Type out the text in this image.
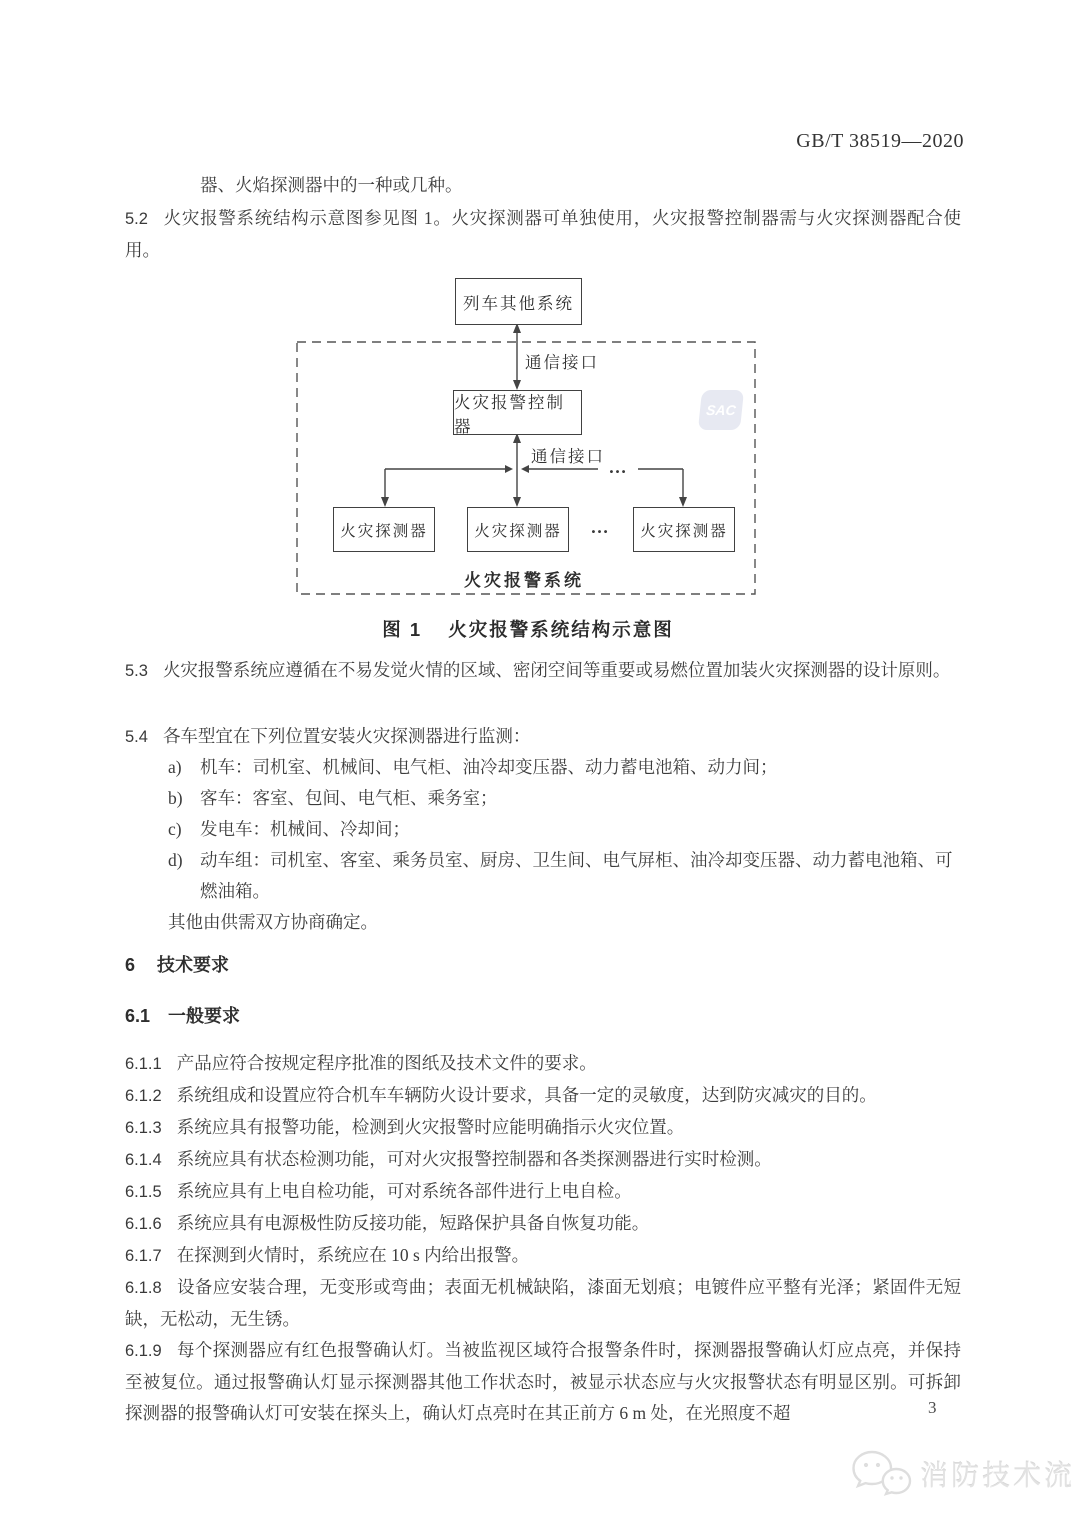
GB/T 38519—2020

器、火焰探测器中的一种或几种。

5.2 火灾报警系统结构示意图参见图 1。火灾探测器可单独使用，火灾报警控制器需与火灾探测器配合使用。

SAC
列车其他系统
火灾报警控制器
火灾探测器	火灾探测器	火灾探测器
通信接口
通信接口
…
…
火灾报警系统
图 1 火灾报警系统结构示意图

5.3 火灾报警系统应遵循在不易发觉火情的区域、密闭空间等重要或易燃位置加装火灾探测器的设计原则。

5.4 各车型宜在下列位置安装火灾探测器进行监测：

a) 机车：司机室、机械间、电气柜、油冷却变压器、动力蓄电池箱、动力间；

b) 客车：客室、包间、电气柜、乘务室；

c) 发电车：机械间、冷却间；

d) 动车组：司机室、客室、乘务员室、厨房、卫生间、电气屏柜、油冷却变压器、动力蓄电池箱、可燃油箱。

其他由供需双方协商确定。

6 技术要求

6.1 一般要求

6.1.1 产品应符合按规定程序批准的图纸及技术文件的要求。

6.1.2 系统组成和设置应符合机车车辆防火设计要求，具备一定的灵敏度，达到防灾减灾的目的。

6.1.3 系统应具有报警功能，检测到火灾报警时应能明确指示火灾位置。

6.1.4 系统应具有状态检测功能，可对火灾报警控制器和各类探测器进行实时检测。

6.1.5 系统应具有上电自检功能，可对系统各部件进行上电自检。

6.1.6 系统应具有电源极性防反接功能，短路保护具备自恢复功能。

6.1.7 在探测到火情时，系统应在 10 s 内给出报警。

6.1.8 设备应安装合理，无变形或弯曲；表面无机械缺陷，漆面无划痕；电镀件应平整有光泽；紧固件无短缺，无松动，无生锈。

6.1.9 每个探测器应有红色报警确认灯。当被监视区域符合报警条件时，探测器报警确认灯应点亮，并保持至被复位。通过报警确认灯显示探测器其他工作状态时，被显示状态应与火灾报警状态有明显区别。可拆卸探测器的报警确认灯可安装在探头上，确认灯点亮时在其正前方 6 m 处，在光照度不超	3
消防技术流
